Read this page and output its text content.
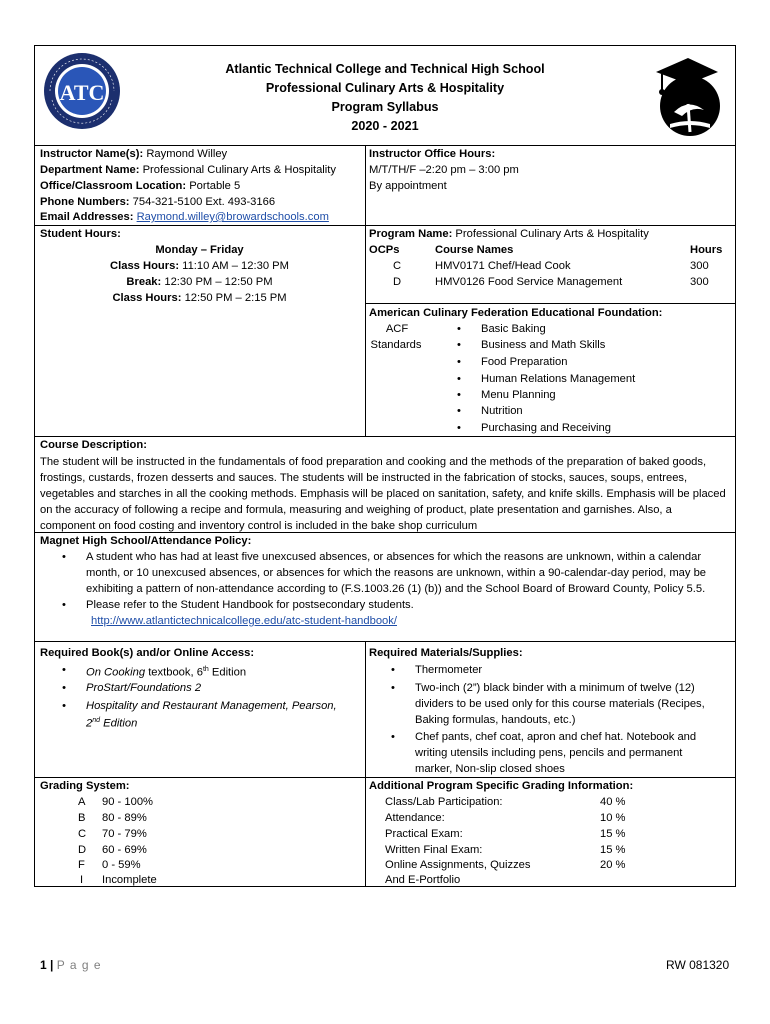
ATC
Atlantic Technical College and Technical High School
Professional Culinary Arts & Hospitality
Program Syllabus
2020 - 2021
Instructor Name(s): Raymond Willey
Department Name: Professional Culinary Arts & Hospitality
Office/Classroom Location: Portable 5
Phone Numbers: 754-321-5100 Ext. 493-3166
Email Addresses: Raymond.willey@browardschools.com
Instructor Office Hours:
M/T/TH/F –2:20 pm – 3:00 pm
By appointment
Student Hours:
Monday – Friday
Class Hours: 11:10 AM – 12:30 PM
Break: 12:30 PM – 12:50 PM
Class Hours: 12:50 PM – 2:15 PM
Program Name: Professional Culinary Arts & Hospitality
OCPs	Course Names	Hours
C	HMV0171 Chef/Head Cook	300
D	HMV0126 Food Service Management	300
American Culinary Federation Educational Foundation:
ACF
Standards
• Basic Baking
• Business and Math Skills
• Food Preparation
• Human Relations Management
• Menu Planning
• Nutrition
• Purchasing and Receiving
Course Description:
The student will be instructed in the fundamentals of food preparation and cooking and the methods of the preparation of baked goods,
frostings, custards, frozen desserts and sauces. The students will be instructed in the fabrication of stocks, sauces, soups, entrees,
vegetables and starches in all the cooking methods. Emphasis will be placed on sanitation, safety, and knife skills. Emphasis will be placed
on the accuracy of following a recipe and formula, measuring and weighing of product, plate presentation and garnishes. Also, a
component on food costing and inventory control is included in the bake shop curriculum
Magnet High School/Attendance Policy:
• A student who has had at least five unexcused absences, or absences for which the reasons are unknown, within a calendar
month, or 10 unexcused absences, or absences for which the reasons are unknown, within a 90-calendar-day period, may be
exhibiting a pattern of non-attendance according to (F.S.1003.26 (1) (b)) and the School Board of Broward County, Policy 5.5.
• Please refer to the Student Handbook for postsecondary students.
http://www.atlantictechnicalcollege.edu/atc-student-handbook/
Required Book(s) and/or Online Access:
• On Cooking textbook, 6th Edition
• ProStart/Foundations 2
• Hospitality and Restaurant Management, Pearson,
2nd Edition
Required Materials/Supplies:
• Thermometer
• Two-inch (2”) black binder with a minimum of twelve (12)
dividers to be used only for this course materials (Recipes,
Baking formulas, handouts, etc.)
• Chef pants, chef coat, apron and chef hat. Notebook and
writing utensils including pens, pencils and permanent
marker, Non-slip closed shoes
Grading System:
A 90 - 100%
B 80 - 89%
C 70 - 79%
D 60 - 69%
F 0 - 59%
I Incomplete
Additional Program Specific Grading Information:
Class/Lab Participation:	40 %
Attendance:	10 %
Practical Exam:	15 %
Written Final Exam:	15 %
Online Assignments, Quizzes	20 %
And E-Portfolio
1 | P a g e	RW 081320
